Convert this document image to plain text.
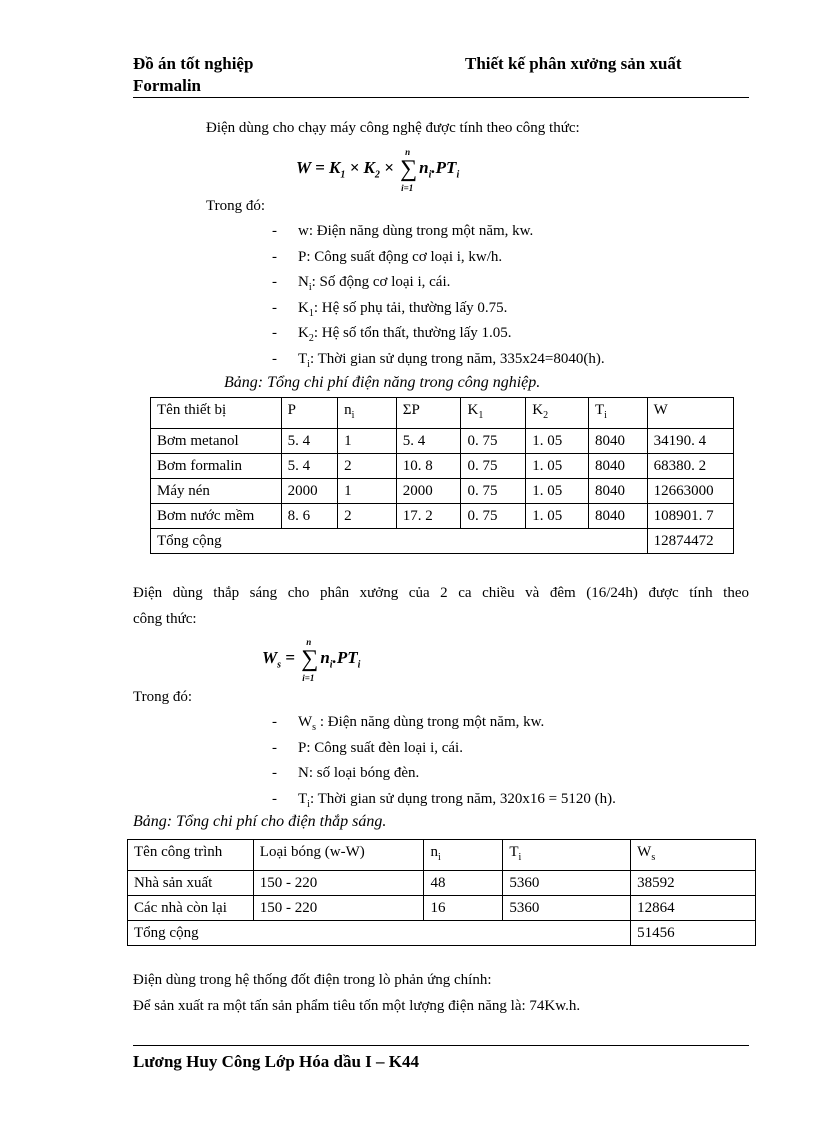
Đồ án tốt nghiệp
Formalin
Thiết kế phân xưởng sản xuất
Điện dùng cho chạy máy công nghệ được tính theo công thức:
$W = K_1 \times K_2$ ×
n
∑
i=1
$n_i.PT_i$
Trong đó:
- w: Điện năng dùng trong một năm, kw.
- P: Công suất động cơ loại i, kw/h.
- $N_i$: Số động cơ loại i, cái.
- $K_1$: Hệ số phụ tải, thường lấy 0.75.
- $K_2$: Hệ số tổn thất, thường lấy 1.05.
- $T_i$: Thời gian sử dụng trong năm, 335x24=8040(h).
Bảng: Tổng chi phí điện năng trong công nghiệp.
Tên thiết bị	P	$n_i$	ΣP	$K_1$	$K_2$	$T_i$	W
Bơm metanol	5. 4	1	5. 4	0. 75	1. 05	8040	34190. 4
Bơm formalin	5. 4	2	10. 8	0. 75	1. 05	8040	68380. 2
Máy nén	2000	1	2000	0. 75	1. 05	8040	12663000
Bơm nước mềm	8. 6	2	17. 2	0. 75	1. 05	8040	108901. 7
Tổng cộng							12874472
Điện dùng thắp sáng cho phân xưởng của 2 ca chiều và đêm (16/24h) được tính theo
công thức:
$W_s$ =
n
∑
i=1
$n_i.PT_i$
Trong đó:
- $W_s$ : Điện năng dùng trong một năm, kw.
- P: Công suất đèn loại i, cái.
- N: số loại bóng đèn.
- $T_i$: Thời gian sử dụng trong năm, 320x16 = 5120 (h).
Bảng: Tổng chi phí cho điện thắp sáng.
Tên công trình	Loại bóng (w-W)	$n_i$	$T_i$	$W_s$
Nhà sản xuất	150 - 220	48	5360	38592
Các nhà còn lại	150 - 220	16	5360	12864
Tổng cộng				51456
Điện dùng trong hệ thống đốt điện trong lò phản ứng chính:
Để sản xuất ra một tấn sản phẩm tiêu tốn một lượng điện năng là: 74Kw.h.
Lương Huy Công Lớp Hóa dầu I – K44
